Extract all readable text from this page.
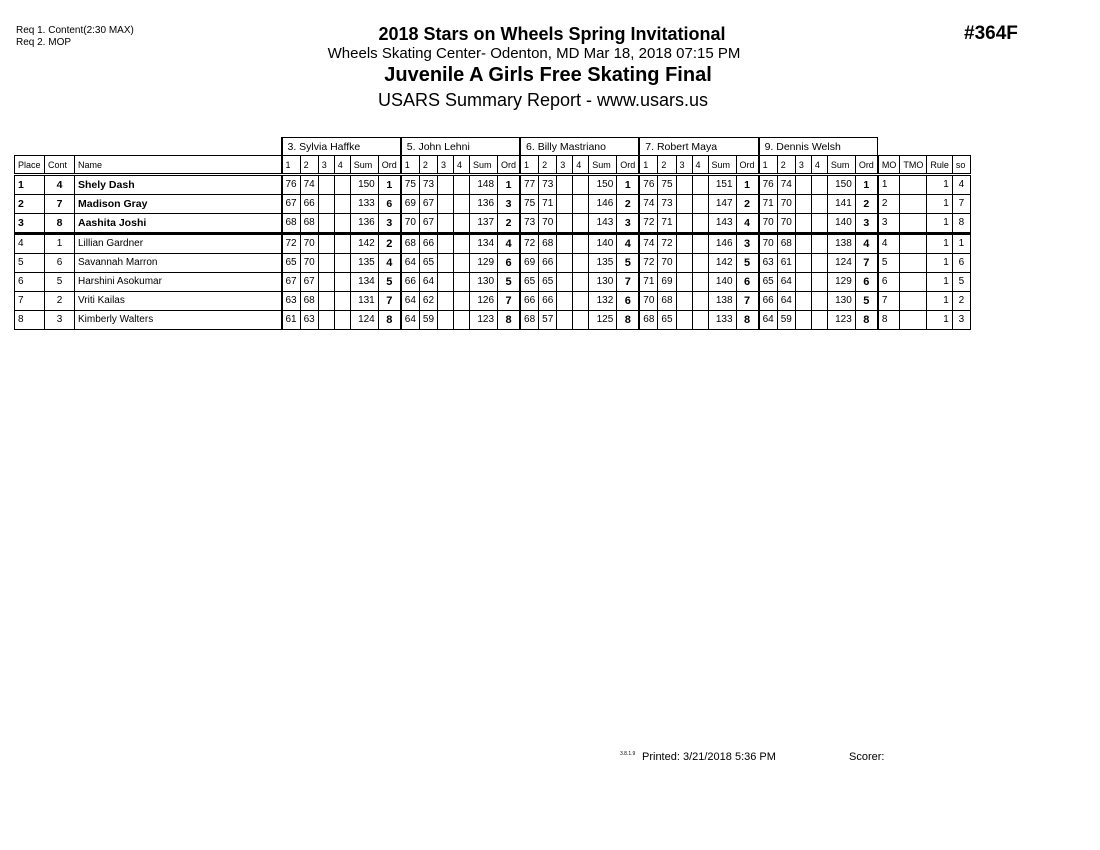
Req 1. Content(2:30 MAX)
Req 2. MOP	2018 Stars on Wheels Spring Invitational
Wheels Skating Center- Odenton, MD Mar 18, 2018 07:15 PM
Juvenile A Girls Free Skating Final
USARS Summary Report - www.usars.us
#364F
			3. Sylvia Haffke						5. John Lehni						6. Billy Mastriano						7. Robert Maya						9. Dennis Welsh									
Place	Cont	Name	1	2	3	4	Sum	Ord	1	2	3	4	Sum	Ord	1	2	3	4	Sum	Ord	1	2	3	4	Sum	Ord	1	2	3	4	Sum	Ord	MO	TMO	Rule	so
1	4	Shely Dash	76	74			150	1	75	73			148	1	77	73			150	1	76	75			151	1	76	74			150	1	1		1	4
2	7	Madison Gray	67	66			133	6	69	67			136	3	75	71			146	2	74	73			147	2	71	70			141	2	2		1	7
3	8	Aashita Joshi	68	68			136	3	70	67			137	2	73	70			143	3	72	71			143	4	70	70			140	3	3		1	8
4	1	Lillian Gardner	72	70			142	2	68	66			134	4	72	68			140	4	74	72			146	3	70	68			138	4	4		1	1
5	6	Savannah Marron	65	70			135	4	64	65			129	6	69	66			135	5	72	70			142	5	63	61			124	7	5		1	6
6	5	Harshini Asokumar	67	67			134	5	66	64			130	5	65	65			130	7	71	69			140	6	65	64			129	6	6		1	5
7	2	Vriti Kailas	63	68			131	7	64	62			126	7	66	66			132	6	70	68			138	7	66	64			130	5	7		1	2
8	3	Kimberly Walters	61	63			124	8	64	59			123	8	68	57			125	8	68	65			133	8	64	59			123	8	8		1	3
3.8.1.9 Printed: 3/21/2018 5:36 PM	Scorer:
